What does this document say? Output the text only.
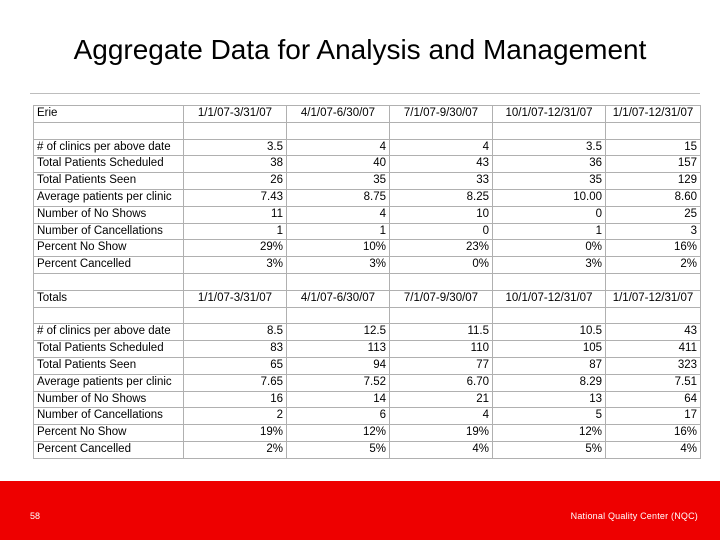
Aggregate Data for Analysis and Management
Erie	1/1/07-3/31/07	4/1/07-6/30/07	7/1/07-9/30/07	10/1/07-12/31/07	1/1/07-12/31/07

# of clinics per above date	3.5	4	4	3.5	15
Total Patients Scheduled	38	40	43	36	157
Total Patients Seen	26	35	33	35	129
Average patients per clinic	7.43	8.75	8.25	10.00	8.60
Number of No Shows	11	4	10	0	25
Number of Cancellations	1	1	0	1	3
Percent No Show	29%	10%	23%	0%	16%
Percent Cancelled	3%	3%	0%	3%	2%

Totals	1/1/07-3/31/07	4/1/07-6/30/07	7/1/07-9/30/07	10/1/07-12/31/07	1/1/07-12/31/07

# of clinics per above date	8.5	12.5	11.5	10.5	43
Total Patients Scheduled	83	113	110	105	411
Total Patients Seen	65	94	77	87	323
Average patients per clinic	7.65	7.52	6.70	8.29	7.51
Number of No Shows	16	14	21	13	64
Number of Cancellations	2	6	4	5	17
Percent No Show	19%	12%	19%	12%	16%
Percent Cancelled	2%	5%	4%	5%	4%
58	National Quality Center (NQC)
